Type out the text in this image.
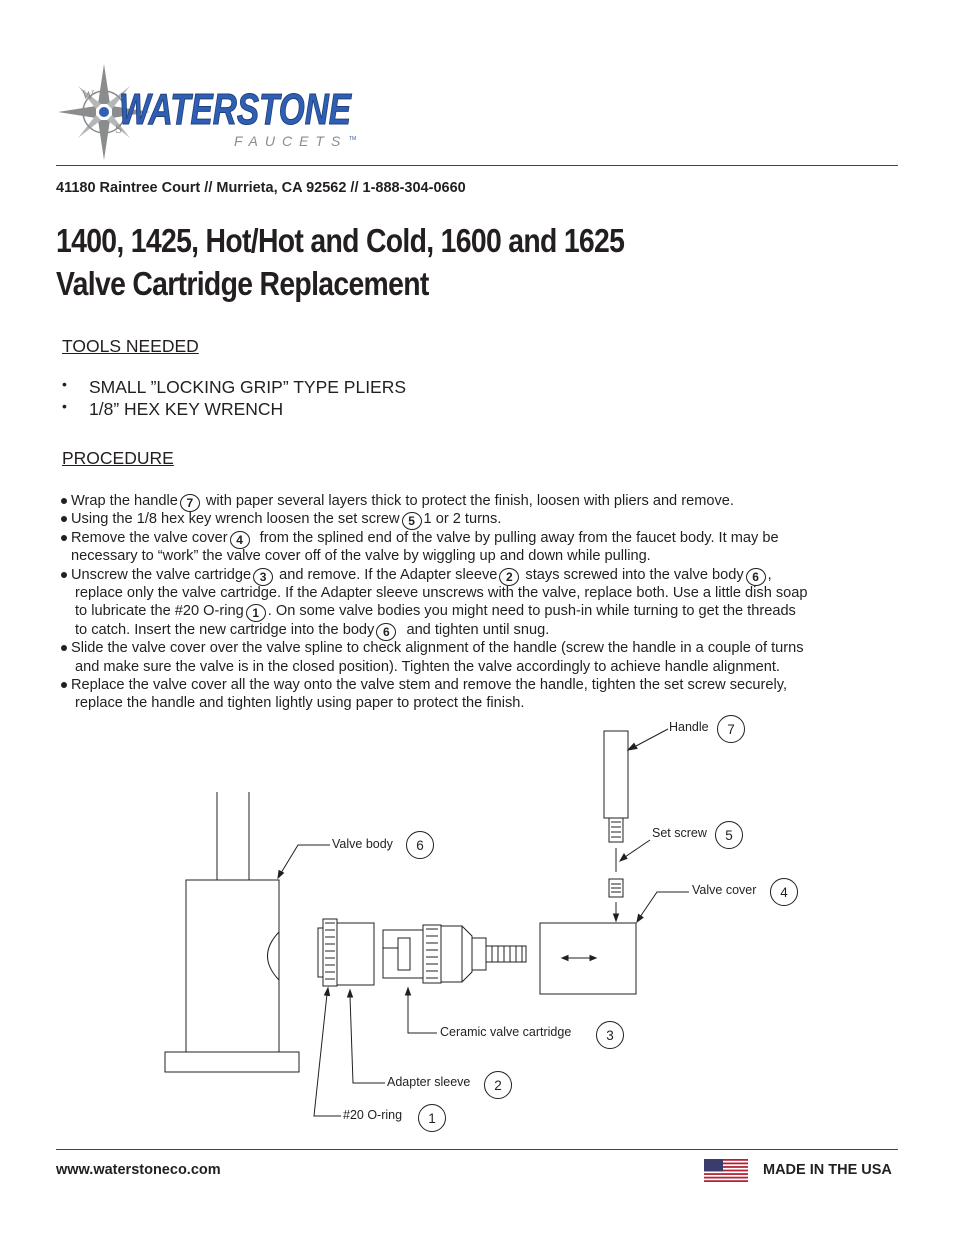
W
S
WATERSTONE
FAUCETS TM
41180 Raintree Court // Murrieta, CA 92562 // 1-888-304-0660
1400, 1425, Hot/Hot and Cold, 1600 and 1625
Valve Cartridge Replacement
TOOLS NEEDED
• SMALL ”LOCKING GRIP” TYPE PLIERS
• 1/8” HEX KEY WRENCH
PROCEDURE
Wrap the handle 7 with paper several layers thick to protect the finish, loosen with pliers and remove.
Using the 1/8 hex key wrench loosen the set screw 5 1 or 2 turns.
Remove the valve cover 4  from the splined end of the valve by pulling away from the faucet body. It may be
necessary to “work” the valve cover off of the valve by wiggling up and down while pulling.
Unscrew the valve cartridge 3 and remove. If the Adapter sleeve 2 stays screwed into the valve body 6 ,
replace only the valve cartridge. If the Adapter sleeve unscrews with the valve, replace both. Use a little dish soap
to lubricate the #20 O-ring 1 . On some valve bodies you might need to push-in while turning to get the threads
to catch. Insert the new cartridge into the body 6  and tighten until snug.
Slide the valve cover over the valve spline to check alignment of the handle (screw the handle in a couple of turns
and make sure the valve is in the closed position). Tighten the valve accordingly to achieve handle alignment.
Replace the valve cover all the way onto the valve stem and remove the handle, tighten the set screw securely,
replace the handle and tighten lightly using paper to protect the finish.
Handle	7
Set screw	5
Valve cover	4
Valve body	6
Ceramic valve cartridge	3
Adapter sleeve	2
#20 O-ring	1
www.waterstoneco.com	MADE IN THE USA
